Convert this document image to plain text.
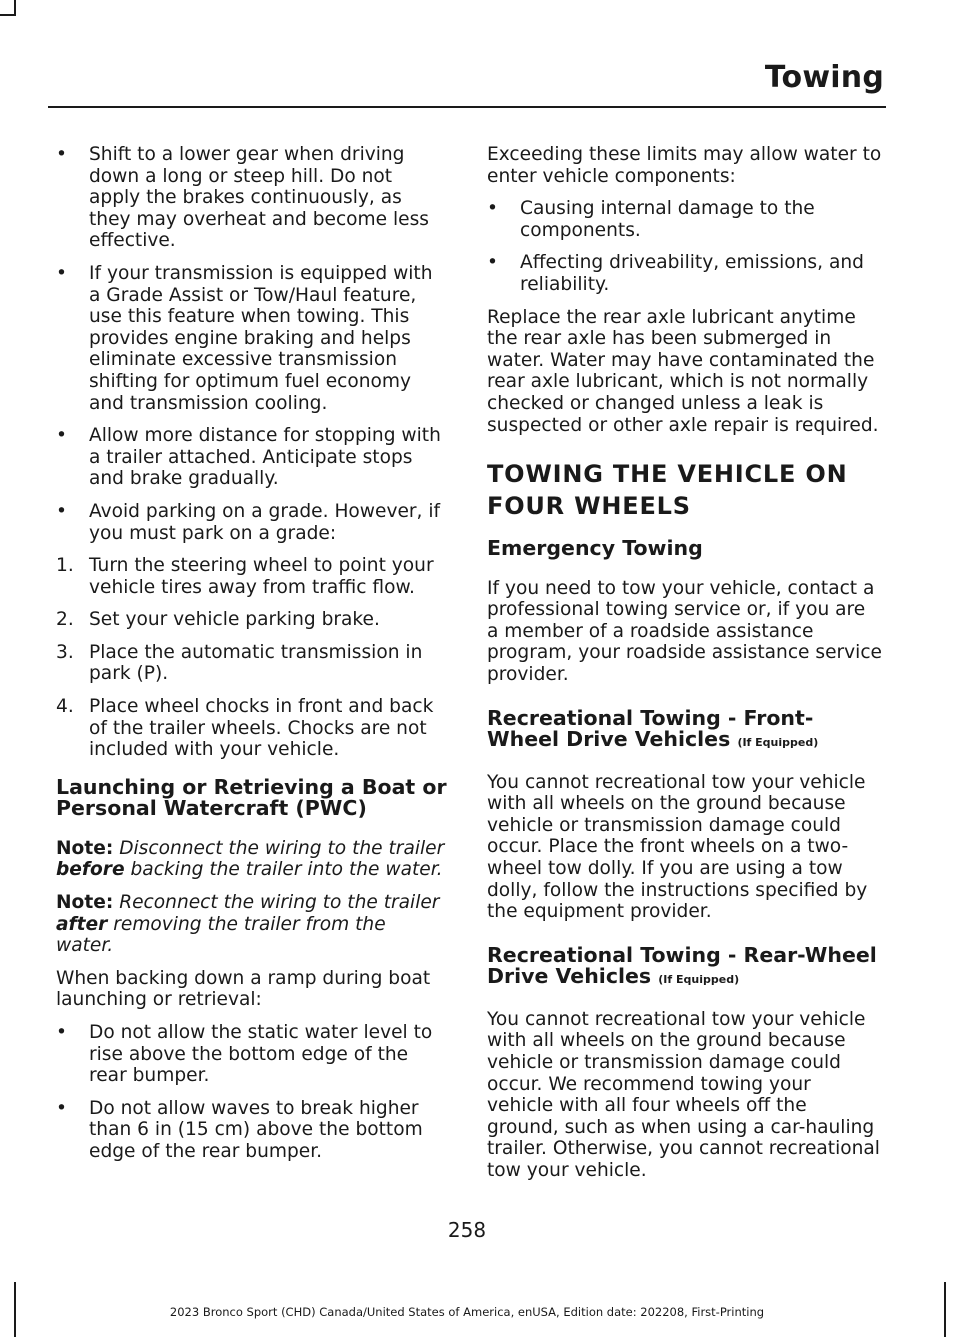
Towing
• Shift to a lower gear when driving down a long or steep hill. Do not apply the brakes continuously, as they may overheat and become less effective.
• If your transmission is equipped with a Grade Assist or Tow/Haul feature, use this feature when towing. This provides engine braking and helps eliminate excessive transmission shifting for optimum fuel economy and transmission cooling.
• Allow more distance for stopping with a trailer attached. Anticipate stops and brake gradually.
• Avoid parking on a grade. However, if you must park on a grade:
1. Turn the steering wheel to point your vehicle tires away from traffic flow.
2. Set your vehicle parking brake.
3. Place the automatic transmission in park (P).
4. Place wheel chocks in front and back of the trailer wheels. Chocks are not included with your vehicle.
Launching or Retrieving a Boat or Personal Watercraft (PWC)

Note: Disconnect the wiring to the trailer before backing the trailer into the water.

Note: Reconnect the wiring to the trailer after removing the trailer from the water.

When backing down a ramp during boat launching or retrieval:

• Do not allow the static water level to rise above the bottom edge of the rear bumper.
• Do not allow waves to break higher than 6 in (15 cm) above the bottom edge of the rear bumper.

Exceeding these limits may allow water to enter vehicle components:

• Causing internal damage to the components.
• Affecting driveability, emissions, and reliability.

Replace the rear axle lubricant anytime the rear axle has been submerged in water. Water may have contaminated the rear axle lubricant, which is not normally checked or changed unless a leak is suspected or other axle repair is required.

TOWING THE VEHICLE ON
FOUR WHEELS
Emergency Towing

If you need to tow your vehicle, contact a professional towing service or, if you are a member of a roadside assistance program, your roadside assistance service provider.

Recreational Towing - Front-Wheel Drive Vehicles (If Equipped)

You cannot recreational tow your vehicle with all wheels on the ground because vehicle or transmission damage could occur. Place the front wheels on a two-wheel tow dolly. If you are using a tow dolly, follow the instructions specified by the equipment provider.

Recreational Towing - Rear-Wheel Drive Vehicles (If Equipped)

You cannot recreational tow your vehicle with all wheels on the ground because vehicle or transmission damage could occur. We recommend towing your vehicle with all four wheels off the ground, such as when using a car-hauling trailer. Otherwise, you cannot recreational tow your vehicle.

258
2023 Bronco Sport (CHD) Canada/United States of America, enUSA, Edition date: 202208, First-Printing
